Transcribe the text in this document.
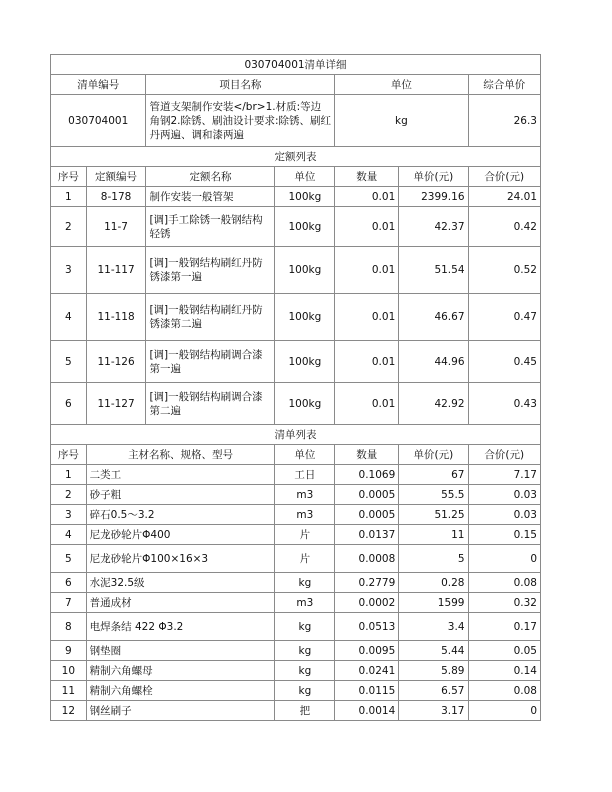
030704001清单详细						
清单编号		项目名称		单位		综合单价
030704001		管道支架制作安装</br>1.材质:等边角钢2.除锈、刷油设计要求:除锈、刷红丹两遍、调和漆两遍		kg		26.3
定额列表						
序号	定额编号	定额名称	单位	数量	单价(元)	合价(元)
1	8-178	制作安装一般管架	100kg	0.01	2399.16	24.01
2	11-7	[调]手工除锈一般钢结构轻锈	100kg	0.01	42.37	0.42
3	11-117	[调]一般钢结构刷红丹防锈漆第一遍	100kg	0.01	51.54	0.52
4	11-118	[调]一般钢结构刷红丹防锈漆第二遍	100kg	0.01	46.67	0.47
5	11-126	[调]一般钢结构刷调合漆第一遍	100kg	0.01	44.96	0.45
6	11-127	[调]一般钢结构刷调合漆第二遍	100kg	0.01	42.92	0.43
清单列表						
序号	主材名称、规格、型号		单位	数量	单价(元)	合价(元)
1	二类工		工日	0.1069	67	7.17
2	砂子粗		m3	0.0005	55.5	0.03
3	碎石0.5～3.2		m3	0.0005	51.25	0.03
4	尼龙砂轮片Φ400		片	0.0137	11	0.15
5	尼龙砂轮片Φ100×16×3		片	0.0008	5	0
6	水泥32.5级		kg	0.2779	0.28	0.08
7	普通成材		m3	0.0002	1599	0.32
8	电焊条结 422 Φ3.2		kg	0.0513	3.4	0.17
9	钢垫圈		kg	0.0095	5.44	0.05
10	精制六角螺母		kg	0.0241	5.89	0.14
11	精制六角螺栓		kg	0.0115	6.57	0.08
12	钢丝刷子		把	0.0014	3.17	0
